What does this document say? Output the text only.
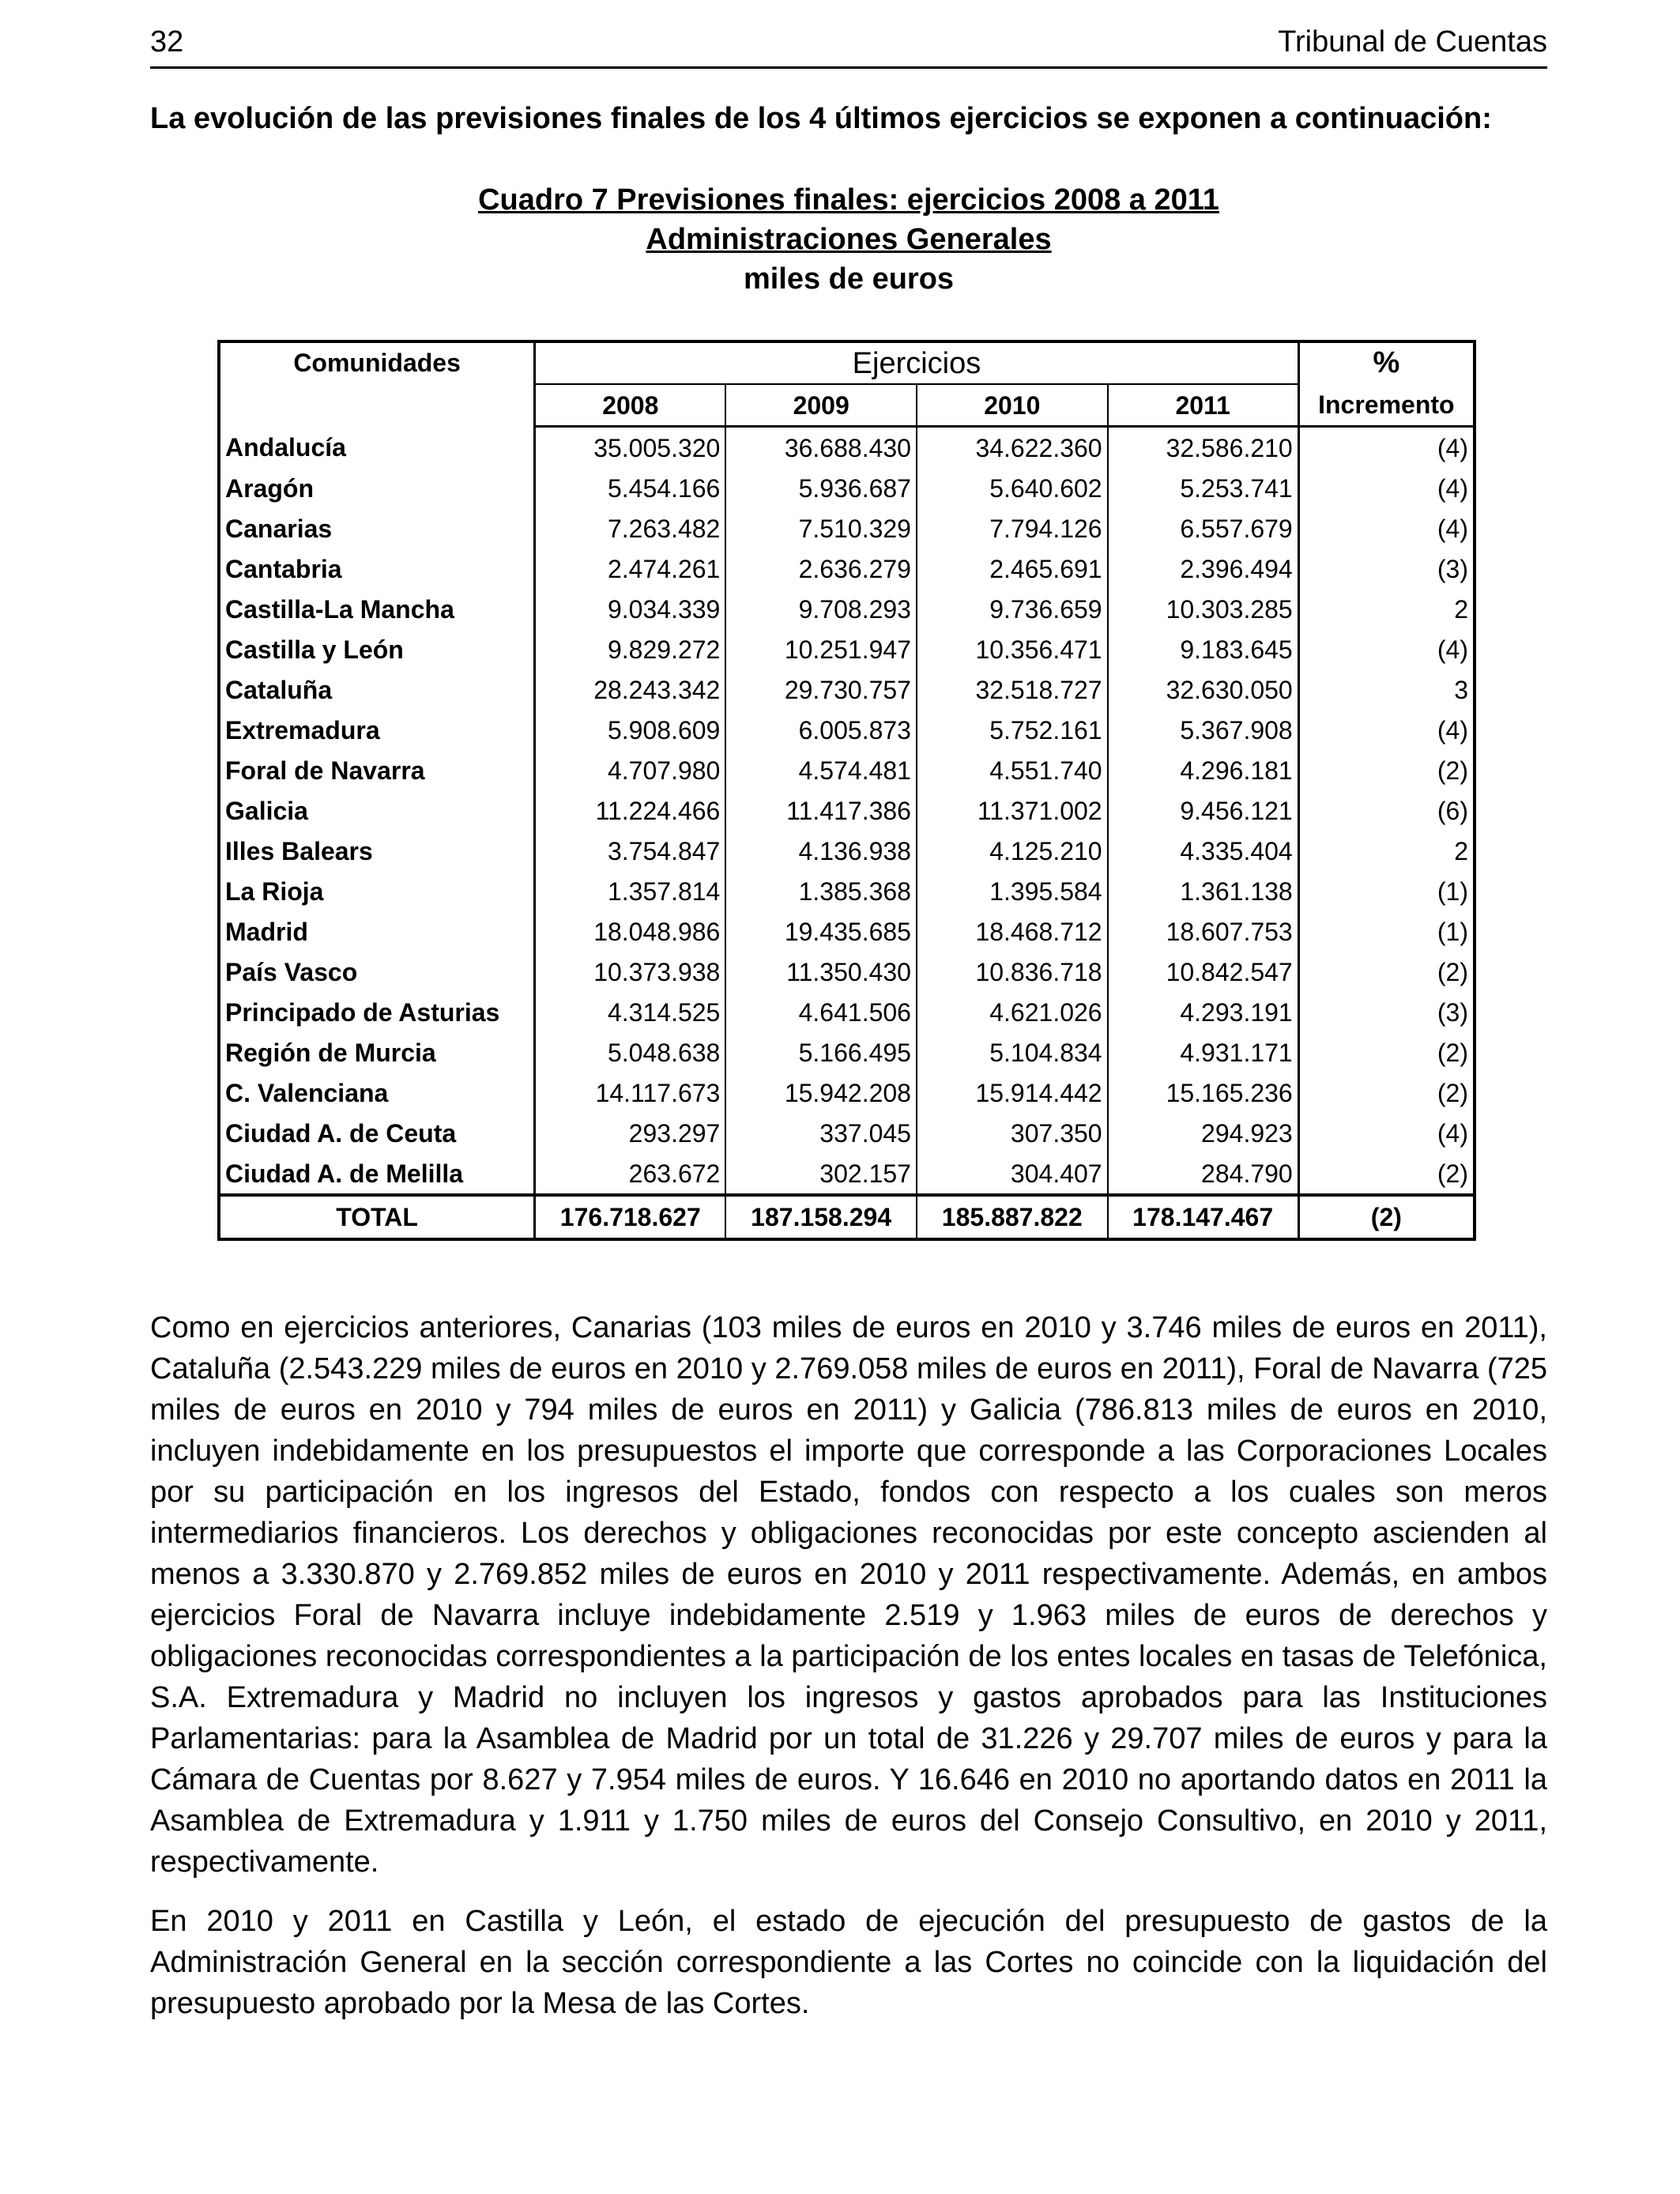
32	Tribunal de Cuentas
La evolución de las previsiones finales de los 4 últimos ejercicios se exponen a continuación:
Cuadro 7 Previsiones finales: ejercicios 2008 a 2011
Administraciones Generales
miles de euros
Comunidades	Ejercicios				%
	2008	2009	2010	2011	Incremento
Andalucía	35.005.320	36.688.430	34.622.360	32.586.210	(4)
Aragón	5.454.166	5.936.687	5.640.602	5.253.741	(4)
Canarias	7.263.482	7.510.329	7.794.126	6.557.679	(4)
Cantabria	2.474.261	2.636.279	2.465.691	2.396.494	(3)
Castilla-La Mancha	9.034.339	9.708.293	9.736.659	10.303.285	2
Castilla y León	9.829.272	10.251.947	10.356.471	9.183.645	(4)
Cataluña	28.243.342	29.730.757	32.518.727	32.630.050	3
Extremadura	5.908.609	6.005.873	5.752.161	5.367.908	(4)
Foral de Navarra	4.707.980	4.574.481	4.551.740	4.296.181	(2)
Galicia	11.224.466	11.417.386	11.371.002	9.456.121	(6)
Illes Balears	3.754.847	4.136.938	4.125.210	4.335.404	2
La Rioja	1.357.814	1.385.368	1.395.584	1.361.138	(1)
Madrid	18.048.986	19.435.685	18.468.712	18.607.753	(1)
País Vasco	10.373.938	11.350.430	10.836.718	10.842.547	(2)
Principado de Asturias	4.314.525	4.641.506	4.621.026	4.293.191	(3)
Región de Murcia	5.048.638	5.166.495	5.104.834	4.931.171	(2)
C. Valenciana	14.117.673	15.942.208	15.914.442	15.165.236	(2)
Ciudad A. de Ceuta	293.297	337.045	307.350	294.923	(4)
Ciudad A. de Melilla	263.672	302.157	304.407	284.790	(2)
TOTAL	176.718.627	187.158.294	185.887.822	178.147.467	(2)
Como en ejercicios anteriores, Canarias (103 miles de euros en 2010 y 3.746 miles de euros en 2011), Cataluña (2.543.229 miles de euros en 2010 y 2.769.058 miles de euros en 2011), Foral de Navarra (725 miles de euros en 2010 y 794 miles de euros en 2011) y Galicia (786.813 miles de euros en 2010, incluyen indebidamente en los presupuestos el importe que corresponde a las Corporaciones Locales por su participación en los ingresos del Estado, fondos con respecto a los cuales son meros intermediarios financieros. Los derechos y obligaciones reconocidas por este concepto ascienden al menos a 3.330.870 y 2.769.852 miles de euros en 2010 y 2011 respectivamente. Además, en ambos ejercicios Foral de Navarra incluye indebidamente 2.519 y 1.963 miles de euros de derechos y obligaciones reconocidas correspondientes a la participación de los entes locales en tasas de Telefónica, S.A. Extremadura y Madrid no incluyen los ingresos y gastos aprobados para las Instituciones Parlamentarias: para la Asamblea de Madrid por un total de 31.226 y 29.707 miles de euros y para la Cámara de Cuentas por 8.627 y 7.954 miles de euros. Y 16.646 en 2010 no aportando datos en 2011 la Asamblea de Extremadura y 1.911 y 1.750 miles de euros del Consejo Consultivo, en 2010 y 2011, respectivamente.
En 2010 y 2011 en Castilla y León, el estado de ejecución del presupuesto de gastos de la Administración General en la sección correspondiente a las Cortes no coincide con la liquidación del presupuesto aprobado por la Mesa de las Cortes.
